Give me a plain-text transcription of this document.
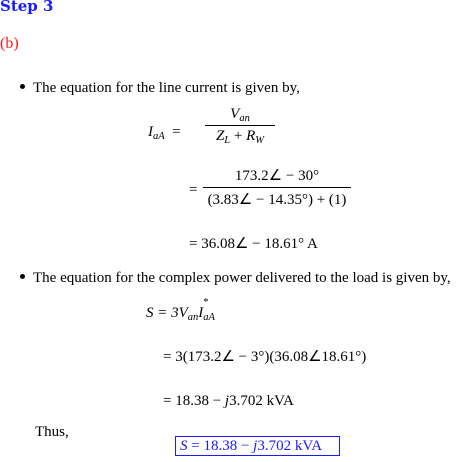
Step 3
(b)
The equation for the line current is given by,
$I_{aA}$  =
$V_{an}$
$Z_L + R_W$
=
173.2∠ − 30°
(3.83∠ − 14.35°) + (1)
= 36.08∠ − 18.61° A
The equation for the complex power delivered to the load is given by,
$S = 3V_{an}I$
*
$_{aA}$
= 3(173.2∠ − 3°)(36.08∠18.61°)
= 18.38 − j3.702 kVA
Thus,
S = 18.38 − j3.702 kVA
